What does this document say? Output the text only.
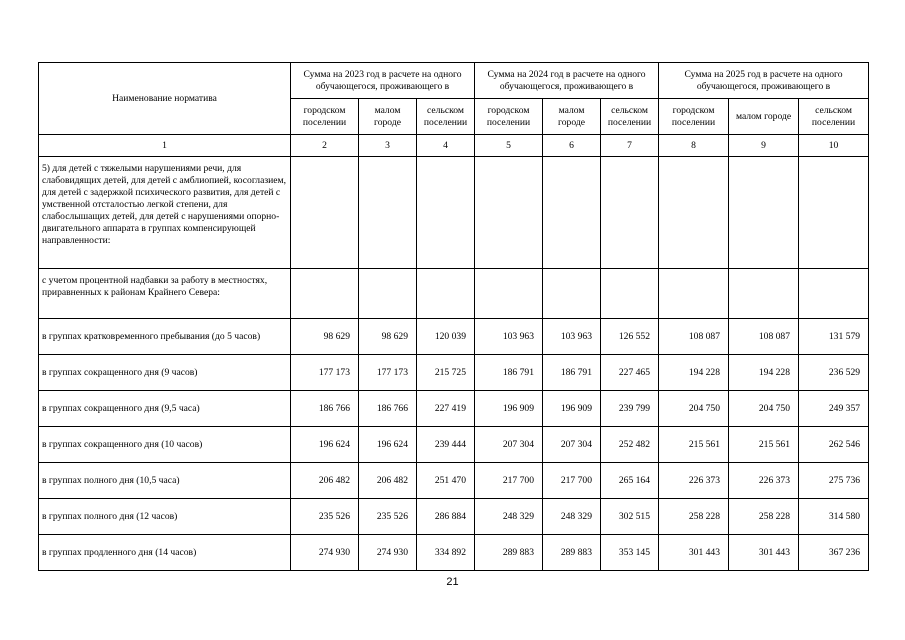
Наименование норматива	Сумма на 2023 год в расчете на одного обучающегося, проживающего в			Сумма на 2024 год в расчете на одного обучающегося, проживающего в			Сумма на 2025 год в расчете на одного обучающегося, проживающего в		
	городском поселении	малом городе	сельском поселении	городском поселении	малом городе	сельском поселении	городском поселении	малом городе	сельском поселении
1	2	3	4	5	6	7	8	9	10
5) для детей с тяжелыми нарушениями речи, для слабовидящих детей, для детей с амблиопией, косоглазием, для детей с задержкой психического развития, для детей с умственной отсталостью легкой степени, для слабослышащих детей, для детей с нарушениями опорно-двигательного аппарата в группах компенсирующей направленности:									
с учетом процентной надбавки за работу в местностях, приравненных к районам Крайнего Севера:									
в группах кратковременного пребывания (до 5 часов)	98 629	98 629	120 039	103 963	103 963	126 552	108 087	108 087	131 579
в группах сокращенного дня (9 часов)	177 173	177 173	215 725	186 791	186 791	227 465	194 228	194 228	236 529
в группах сокращенного дня (9,5 часа)	186 766	186 766	227 419	196 909	196 909	239 799	204 750	204 750	249 357
в группах сокращенного дня (10 часов)	196 624	196 624	239 444	207 304	207 304	252 482	215 561	215 561	262 546
в группах полного дня (10,5 часа)	206 482	206 482	251 470	217 700	217 700	265 164	226 373	226 373	275 736
в группах полного дня (12 часов)	235 526	235 526	286 884	248 329	248 329	302 515	258 228	258 228	314 580
в группах продленного дня (14 часов)	274 930	274 930	334 892	289 883	289 883	353 145	301 443	301 443	367 236
21
